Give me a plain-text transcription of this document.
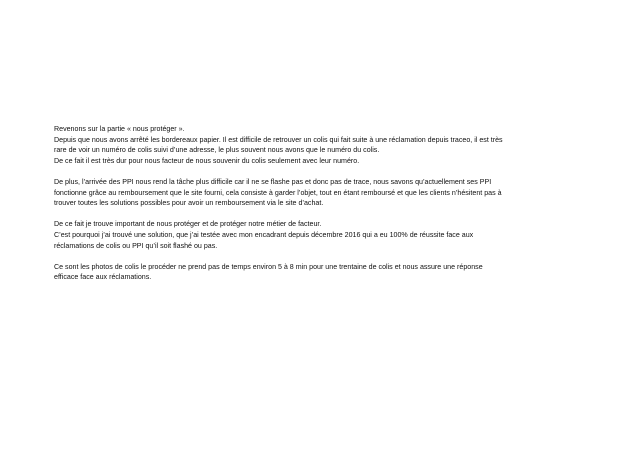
Revenons sur la partie « nous protéger ».
Depuis que nous avons arrêté les bordereaux papier. Il est difficile de retrouver un colis qui fait suite à une réclamation depuis traceo, il est très
rare de voir un numéro de colis suivi d’une adresse, le plus souvent nous avons que le numéro du colis.
De ce fait il est très dur pour nous facteur de nous souvenir du colis seulement avec leur numéro.

De plus, l’arrivée des PPI nous rend la tâche plus difficile car il ne se flashe pas et donc pas de trace, nous savons qu’actuellement ses PPI
fonctionne grâce au remboursement que le site fourni, cela consiste à garder l’objet, tout en étant remboursé et que les clients n’hésitent pas à
trouver toutes les solutions possibles pour avoir un remboursement via le site d’achat.

De ce fait je trouve important de nous protéger et de protéger notre métier de facteur.
C’est pourquoi j’ai trouvé une solution, que j’ai testée avec mon encadrant depuis décembre 2016 qui a eu 100% de réussite face aux
réclamations de colis ou PPI qu’il soit flashé ou pas.

Ce sont les photos de colis le procéder ne prend pas de temps environ 5 à 8 min pour une trentaine de colis et nous assure une réponse
efficace face aux réclamations.
